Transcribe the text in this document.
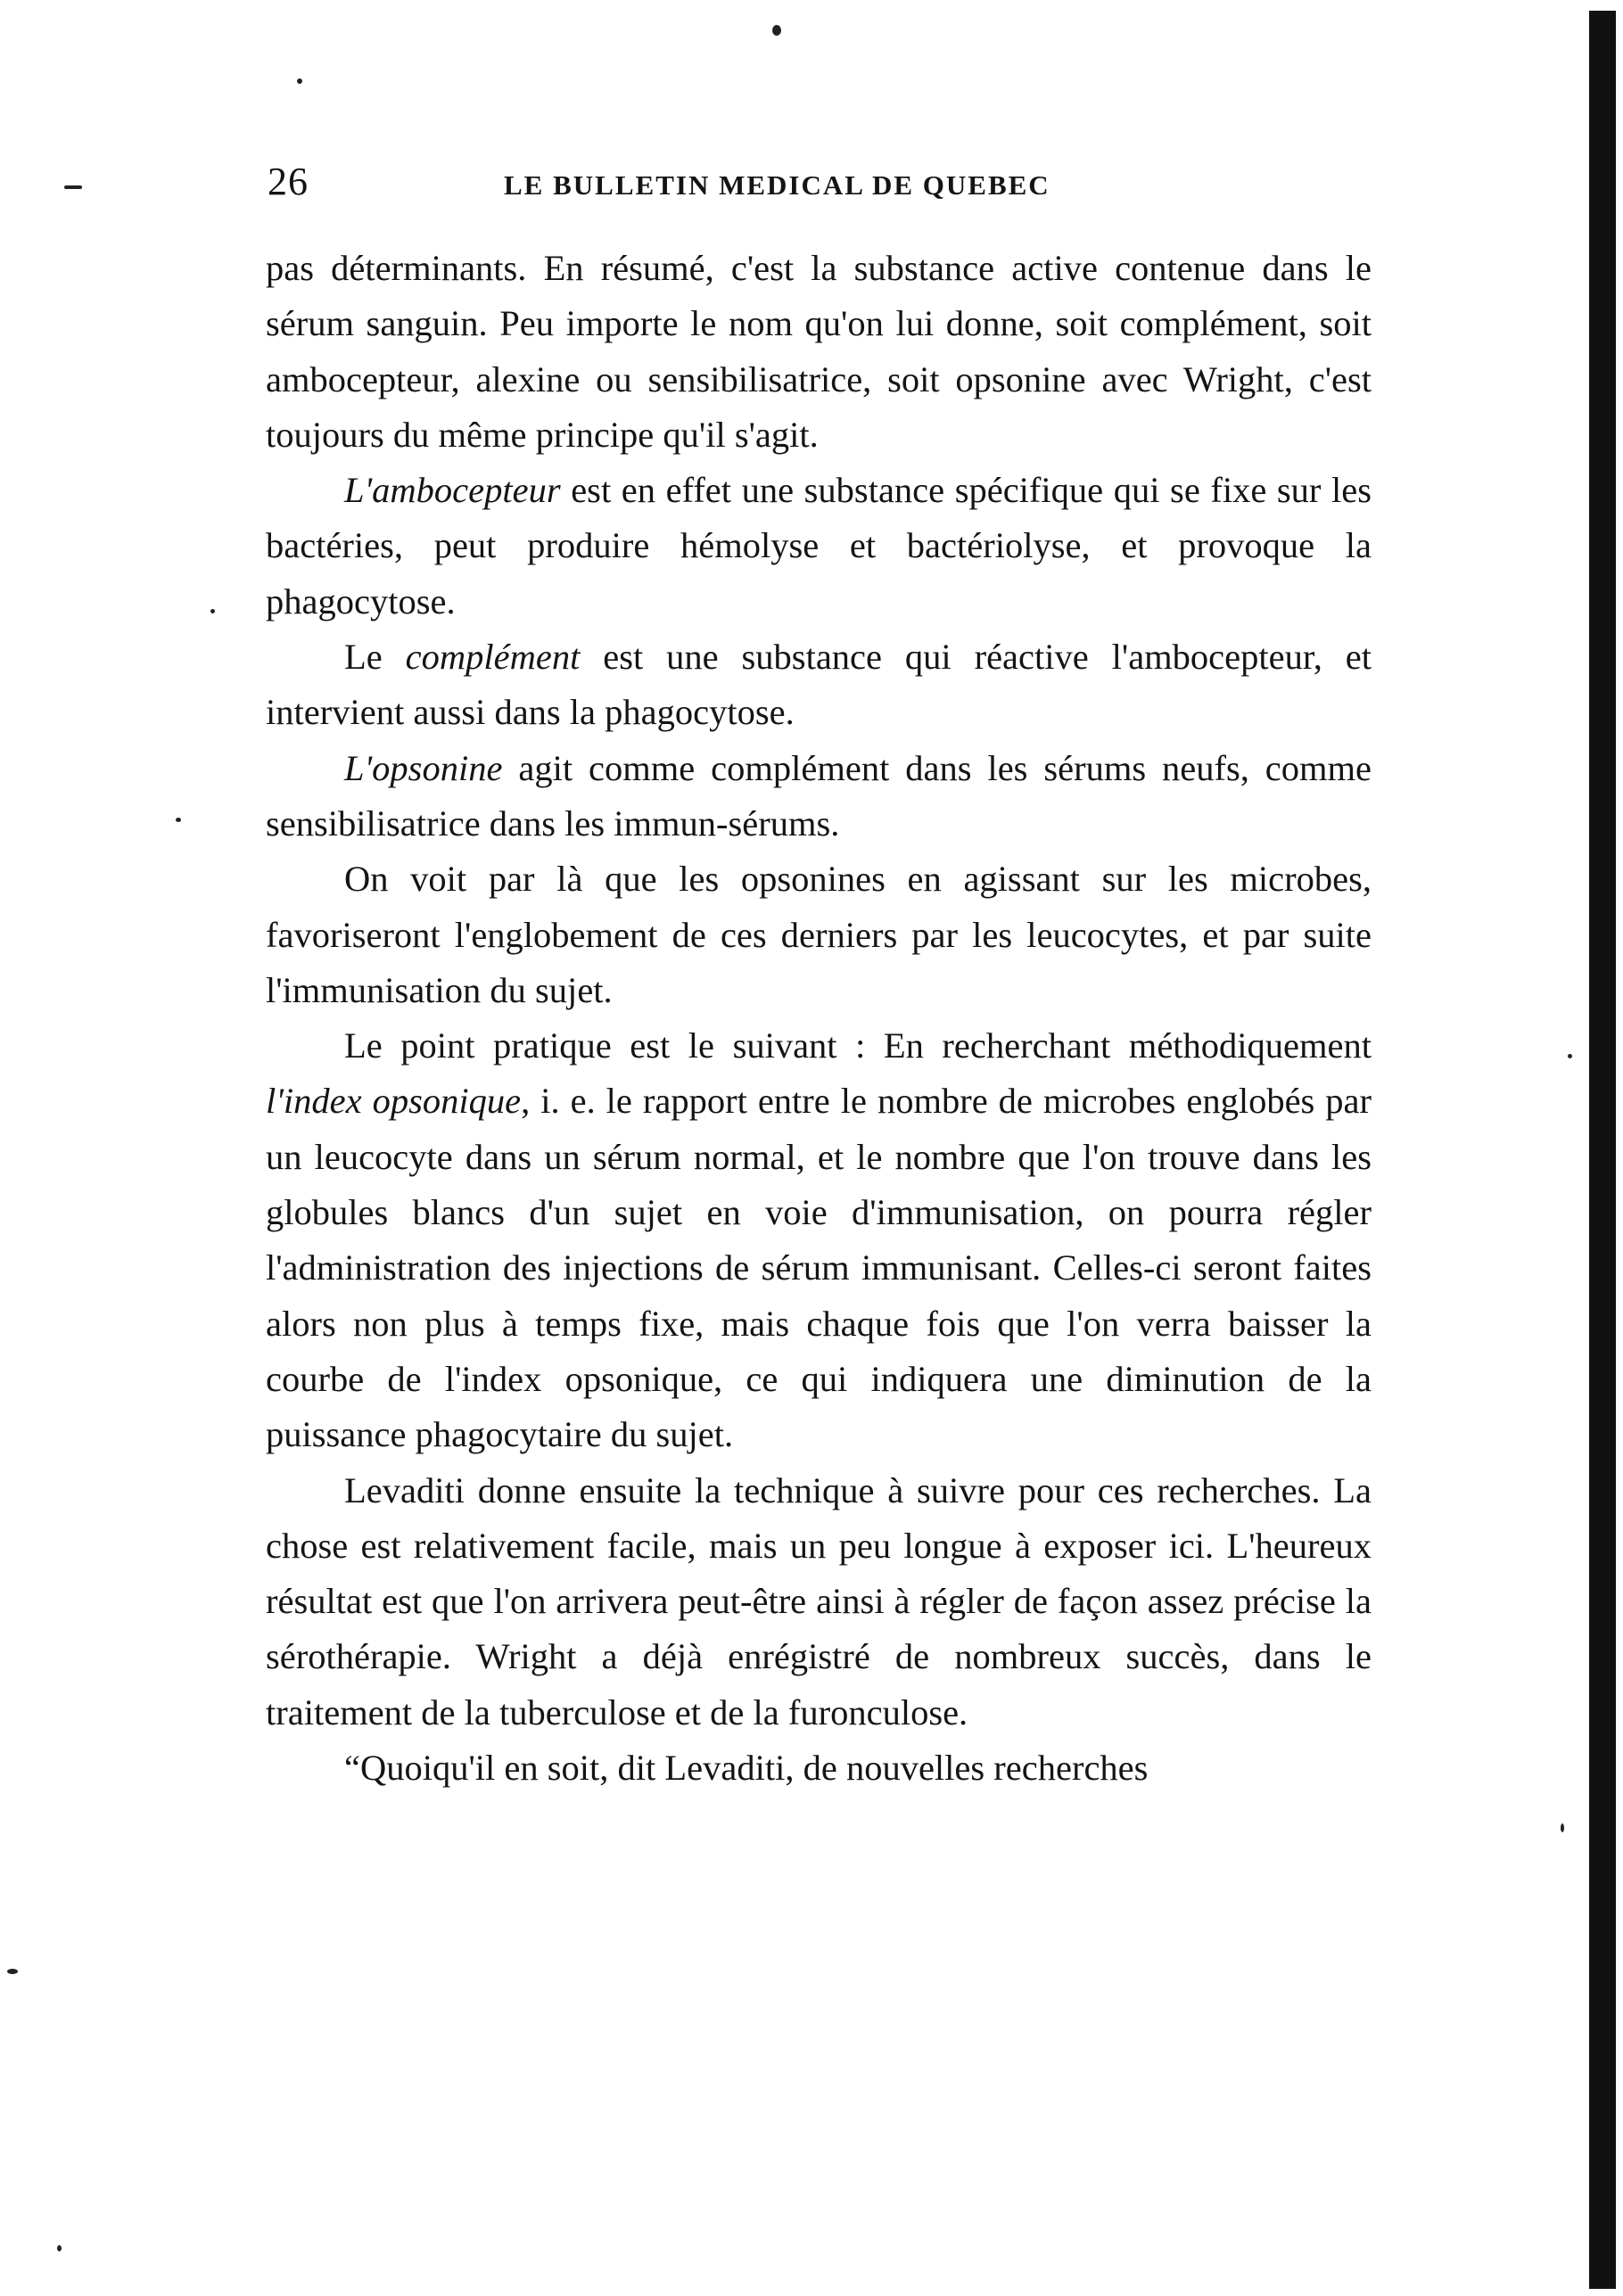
26	LE BULLETIN MEDICAL DE QUEBEC

pas déterminants. En résumé, c'est la substance active contenue dans le sérum sanguin. Peu importe le nom qu'on lui donne, soit complément, soit ambocepteur, alexine ou sensibilisatrice, soit opsonine avec Wright, c'est toujours du même principe qu'il s'agit.

L'ambocepteur est en effet une substance spécifique qui se fixe sur les bactéries, peut produire hémolyse et bactériolyse, et provoque la phagocytose.

Le complément est une substance qui réactive l'ambocepteur, et intervient aussi dans la phagocytose.

L'opsonine agit comme complément dans les sérums neufs, comme sensibilisatrice dans les immun-sérums.

On voit par là que les opsonines en agissant sur les microbes, favoriseront l'englobement de ces derniers par les leucocytes, et par suite l'immunisation du sujet.

Le point pratique est le suivant : En recherchant méthodiquement l'index opsonique, i. e. le rapport entre le nombre de microbes englobés par un leucocyte dans un sérum normal, et le nombre que l'on trouve dans les globules blancs d'un sujet en voie d'immunisation, on pourra régler l'administration des injections de sérum immunisant. Celles-ci seront faites alors non plus à temps fixe, mais chaque fois que l'on verra baisser la courbe de l'index opsonique, ce qui indiquera une diminution de la puissance phagocytaire du sujet.

Levaditi donne ensuite la technique à suivre pour ces recherches. La chose est relativement facile, mais un peu longue à exposer ici. L'heureux résultat est que l'on arrivera peut-être ainsi à régler de façon assez précise la sérothérapie. Wright a déjà enrégistré de nombreux succès, dans le traitement de la tuberculose et de la furonculose.

“Quoiqu'il en soit, dit Levaditi, de nouvelles recherches
